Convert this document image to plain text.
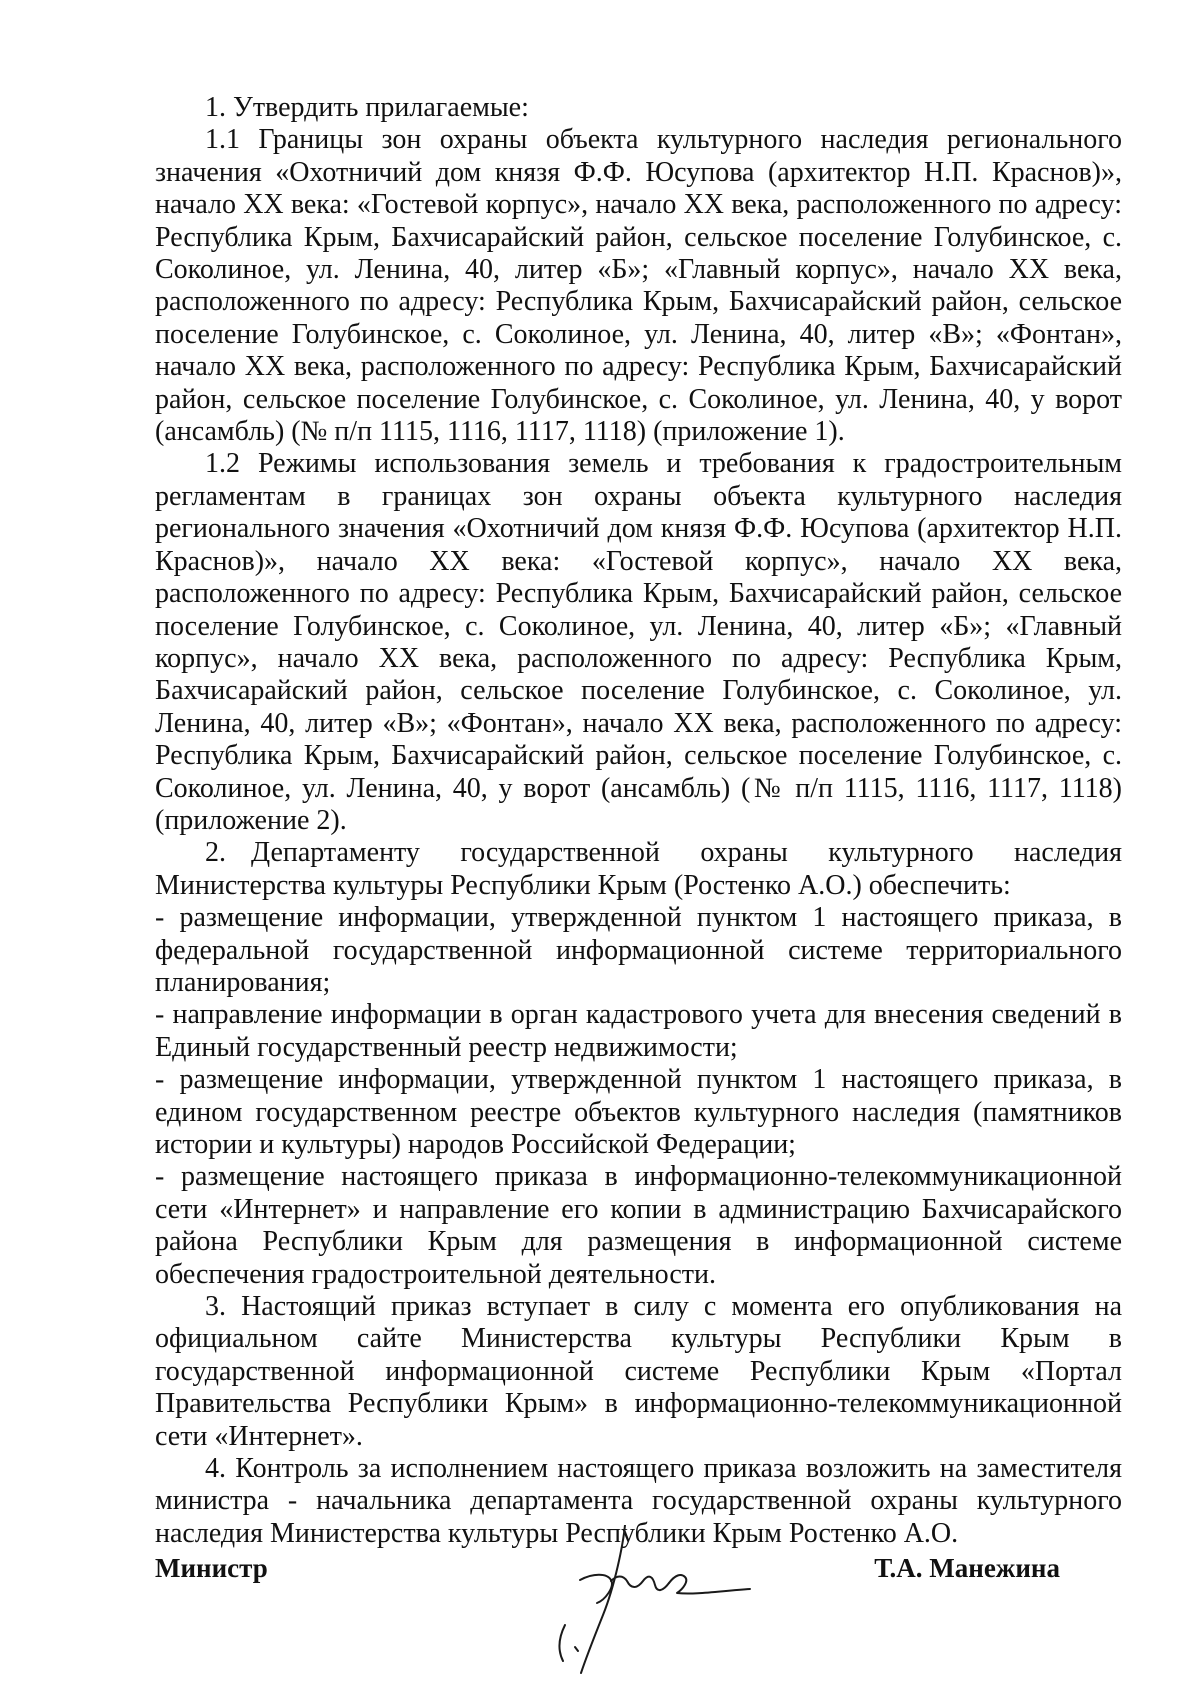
1. Утвердить прилагаемые:

1.1 Границы зон охраны объекта культурного наследия регионального значения «Охотничий дом князя Ф.Ф. Юсупова (архитектор Н.П. Краснов)», начало XX века: «Гостевой корпус», начало XX века, расположенного по адресу: Республика Крым, Бахчисарайский район, сельское поселение Голубинское, с. Соколиное, ул. Ленина, 40, литер «Б»; «Главный корпус», начало XX века, расположенного по адресу: Республика Крым, Бахчисарайский район, сельское поселение Голубинское, с. Соколиное, ул. Ленина, 40, литер «В»; «Фонтан», начало XX века, расположенного по адресу: Республика Крым, Бахчисарайский район, сельское поселение Голубинское, с. Соколиное, ул. Ленина, 40, у ворот (ансамбль) (№ п/п 1115, 1116, 1117, 1118) (приложение 1).

1.2 Режимы использования земель и требования к градостроительным регламентам в границах зон охраны объекта культурного наследия регионального значения «Охотничий дом князя Ф.Ф. Юсупова (архитектор Н.П. Краснов)», начало XX века: «Гостевой корпус», начало XX века, расположенного по адресу: Республика Крым, Бахчисарайский район, сельское поселение Голубинское, с. Соколиное, ул. Ленина, 40, литер «Б»; «Главный корпус», начало XX века, расположенного по адресу: Республика Крым, Бахчисарайский район, сельское поселение Голубинское, с. Соколиное, ул. Ленина, 40, литер «В»; «Фонтан», начало XX века, расположенного по адресу: Республика Крым, Бахчисарайский район, сельское поселение Голубинское, с. Соколиное, ул. Ленина, 40, у ворот (ансамбль) (№ п/п 1115, 1116, 1117, 1118) (приложение 2).

2. Департаменту государственной охраны культурного наследия Министерства культуры Республики Крым (Ростенко А.О.) обеспечить:

- размещение информации, утвержденной пунктом 1 настоящего приказа, в федеральной государственной информационной системе территориального планирования;

- направление информации в орган кадастрового учета для внесения сведений в Единый государственный реестр недвижимости;

- размещение информации, утвержденной пунктом 1 настоящего приказа, в едином государственном реестре объектов культурного наследия (памятников истории и культуры) народов Российской Федерации;

- размещение настоящего приказа в информационно-телекоммуникационной сети «Интернет» и направление его копии в администрацию Бахчисарайского района Республики Крым для размещения в информационной системе обеспечения градостроительной деятельности.

3. Настоящий приказ вступает в силу с момента его опубликования на официальном сайте Министерства культуры Республики Крым в государственной информационной системе Республики Крым «Портал Правительства Республики Крым» в информационно-телекоммуникационной сети «Интернет».

4. Контроль за исполнением настоящего приказа возложить на заместителя министра - начальника департамента государственной охраны культурного наследия Министерства культуры Республики Крым Ростенко А.О.

Министр	Т.А. Манежина
